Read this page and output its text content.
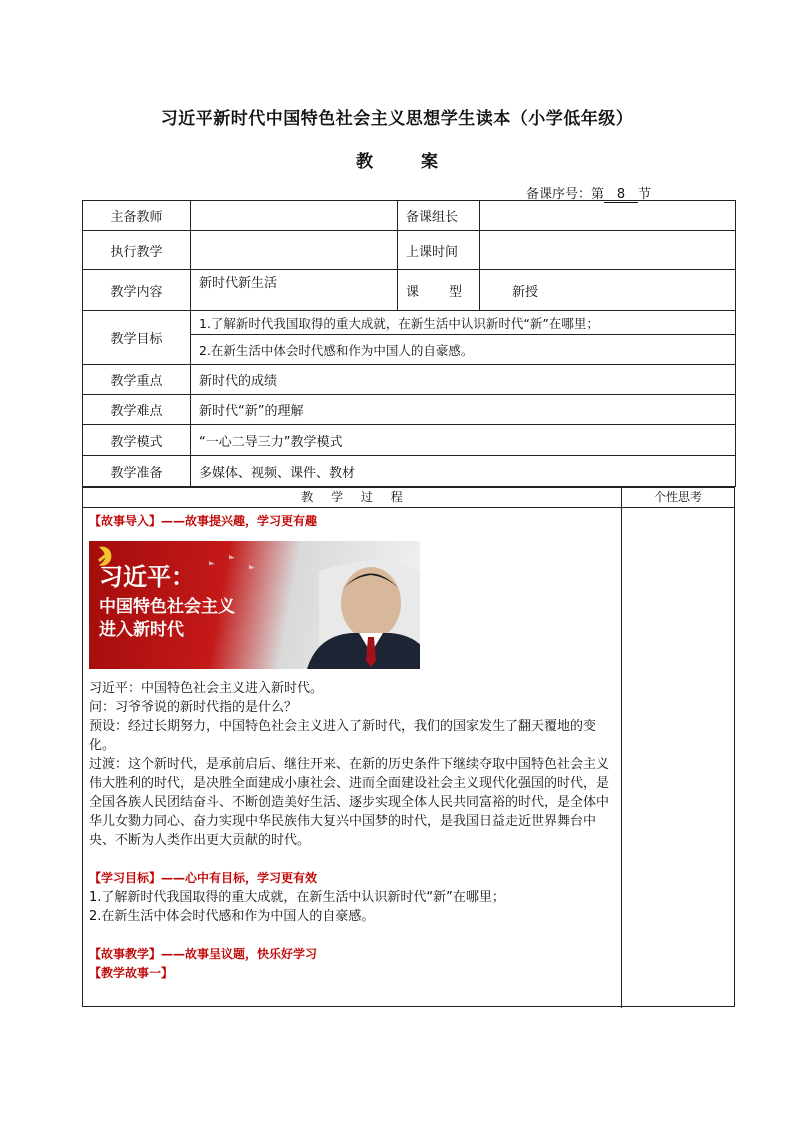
习近平新时代中国特色社会主义思想学生读本（小学低年级）
教 案
备课序号：第 8 节
主备教师		备课组长	
执行教学		上课时间	
教学内容	新时代新生活	课 型	新授
教学目标	1.了解新时代我国取得的重大成就，在新生活中认识新时代“新”在哪里；		
	2.在新生活中体会时代感和作为中国人的自豪感。		
教学重点	新时代的成绩		
教学难点	新时代“新”的理解		
教学模式	“一心二导三力”教学模式		
教学准备	多媒体、视频、课件、教材		
教 学 过 程	个性思考
【故事导入】——故事提兴趣，学习更有趣
习近平：
中国特色社会主义
进入新时代

习近平：中国特色社会主义进入新时代。

问：习爷爷说的新时代指的是什么？

预设：经过长期努力，中国特色社会主义进入了新时代，我们的国家发生了翻天覆地的变化。

过渡：这个新时代，是承前启后、继往开来、在新的历史条件下继续夺取中国特色社会主义伟大胜利的时代，是决胜全面建成小康社会、进而全面建设社会主义现代化强国的时代，是全国各族人民团结奋斗、不断创造美好生活、逐步实现全体人民共同富裕的时代，是全体中华儿女勠力同心、奋力实现中华民族伟大复兴中国梦的时代，是我国日益走近世界舞台中央、不断为人类作出更大贡献的时代。

【学习目标】——心中有目标，学习更有效

1.了解新时代我国取得的重大成就，在新生活中认识新时代“新”在哪里；

2.在新生活中体会时代感和作为中国人的自豪感。

【故事教学】——故事呈议题，快乐好学习
【教学故事一】
